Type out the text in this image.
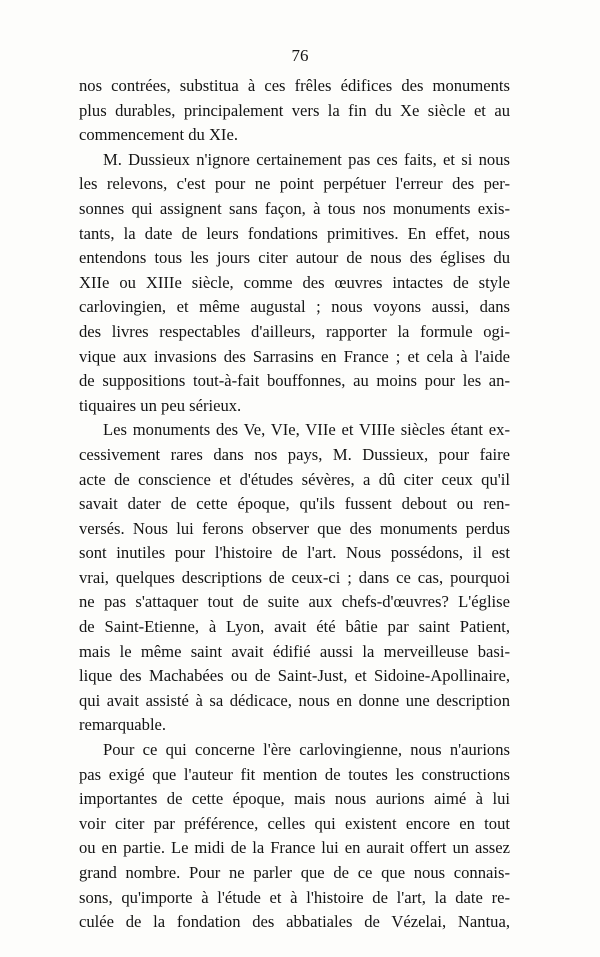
76
nos contrées, substitua à ces frêles édifices des monuments
plus durables, principalement vers la fin du Xe siècle et au
commencement du XIe.
M. Dussieux n'ignore certainement pas ces faits, et si nous
les relevons, c'est pour ne point perpétuer l'erreur des per-
sonnes qui assignent sans façon, à tous nos monuments exis-
tants, la date de leurs fondations primitives. En effet, nous
entendons tous les jours citer autour de nous des églises du
XIIe ou XIIIe siècle, comme des œuvres intactes de style
carlovingien, et même augustal ; nous voyons aussi, dans
des livres respectables d'ailleurs, rapporter la formule ogi-
vique aux invasions des Sarrasins en France ; et cela à l'aide
de suppositions tout-à-fait bouffonnes, au moins pour les an-
tiquaires un peu sérieux.
Les monuments des Ve, VIe, VIIe et VIIIe siècles étant ex-
cessivement rares dans nos pays, M. Dussieux, pour faire
acte de conscience et d'études sévères, a dû citer ceux qu'il
savait dater de cette époque, qu'ils fussent debout ou ren-
versés. Nous lui ferons observer que des monuments perdus
sont inutiles pour l'histoire de l'art. Nous possédons, il est
vrai, quelques descriptions de ceux-ci ; dans ce cas, pourquoi
ne pas s'attaquer tout de suite aux chefs-d'œuvres? L'église
de Saint-Etienne, à Lyon, avait été bâtie par saint Patient,
mais le même saint avait édifié aussi la merveilleuse basi-
lique des Machabées ou de Saint-Just, et Sidoine-Apollinaire,
qui avait assisté à sa dédicace, nous en donne une description
remarquable.
Pour ce qui concerne l'ère carlovingienne, nous n'aurions
pas exigé que l'auteur fit mention de toutes les constructions
importantes de cette époque, mais nous aurions aimé à lui
voir citer par préférence, celles qui existent encore en tout
ou en partie. Le midi de la France lui en aurait offert un assez
grand nombre. Pour ne parler que de ce que nous connais-
sons, qu'importe à l'étude et à l'histoire de l'art, la date re-
culée de la fondation des abbatiales de Vézelai, Nantua,
